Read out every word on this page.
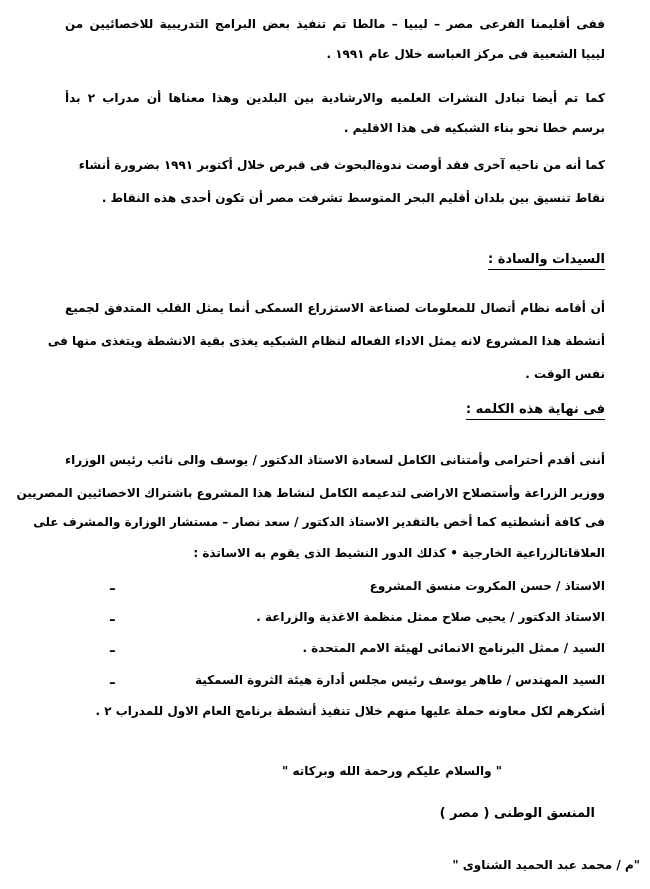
ففى أقليمنا الفرعى مصر – ليبيا – مالطا تم تنفيذ بعض البرامج التدريبية للاخصائيين من
ليبيا الشعبية فى مركز العباسه خلال عام ١٩٩١ .
كما تم أيضا تبادل النشرات العلميه والارشادية بين البلدين وهذا معناها أن مدراب ٢ بدأ
برسم خطا نحو بناء الشبكيه فى هذا الاقليم .
كما أنه من ناحيه آخرى فقد أوصت ندوةالبحوث فى قبرص خلال أكتوبر ١٩٩١ بضرورة أنشاء
نقاط تنسيق بين بلدان أقليم البحر المتوسط تشرفت مصر أن تكون أحدى هذه النقاط .
السيدات والسادة :
أن أقامه نظام أتصال للمعلومات لصناعة الاستزراع السمكى أنما يمثل القلب المتدفق لجميع
أنشطة هذا المشروع لانه يمثل الاداء الفعاله لنظام الشبكيه يغذى بقية الانشطة ويتغذى منها فى
نفس الوقت .
فى نهاية هذه الكلمه :
أننى أقدم أحترامى وأمتنانى الكامل لسعادة الاستاذ الدكتور / يوسف والى نائب رئيس الوزراء
ووزير الزراعة وأستصلاح الاراضى لتدعيمه الكامل لنشاط هذا المشروع باشتراك الاخصائيين المصريين
فى كافة أنشطتيه كما أخص بالتقدير الاستاذ الدكتور / سعد نصار – مستشار الوزارة والمشرف على
العلاقاتالزراعية الخارجية • كذلك الدور النشيط الذى يقوم به الاساتذة :
الاستاذ / حسن المكروت منسق المشروع
ـ
الاستاذ الدكتور / يحيى صلاح ممثل منظمة الاغذية والزراعة .
ـ
السيد / ممثل البرنامج الانمائى لهيئة الامم المتحدة .
ـ
السيد المهندس / طاهر يوسف رئيس مجلس أدارة هيئة الثروة السمكية
ـ
أشكرهم لكل معاونه حملة عليها منهم خلال تنفيذ أنشطة برنامج العام الاول للمدراب ٢ .
" والسلام عليكم ورحمة الله وبركاته "
المنسق الوطنى ( مصر )
"م / محمد عبد الحميد الشناوى "
